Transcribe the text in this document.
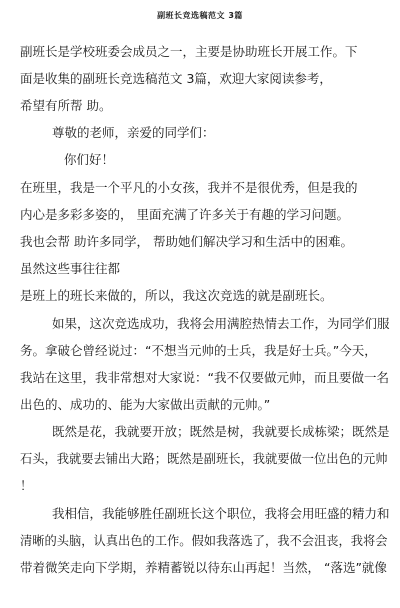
副班长竞选稿范文 3篇
副班长是学校班委会成员之一，主要是协助班长开展工作。下
面是收集的副班长竞选稿范文 3篇，欢迎大家阅读参考，
希望有所帮 助。
尊敬的老师，亲爱的同学们：
你们好！
在班里，我是一个平凡的小女孩，我并不是很优秀，但是我的
内心是多彩多姿的， 里面充满了许多关于有趣的学习问题。
我也会帮 助许多同学， 帮助她们解决学习和生活中的困难。
虽然这些事往往都
是班上的班长来做的，所以，我这次竞选的就是副班长。
如果，这次竞选成功，我将会用满腔热情去工作，为同学们服
务。拿破仑曾经说过：“不想当元帅的士兵，我是好士兵。”今天，
我站在这里，我非常想对大家说：“我不仅要做元帅，而且要做一名
出色的、成功的、能为大家做出贡献的元帅。”
既然是花，我就要开放；既然是树，我就要长成栋梁；既然是
石头，我就要去铺出大路；既然是副班长，我就要做一位出色的元帅
！
我相信，我能够胜任副班长这个职位，我将会用旺盛的精力和
清晰的头脑，认真出色的工作。假如我落选了，我不会沮丧，我将会
带着微笑走向下学期，养精蓄锐以待东山再起！当然， “落选”就像
